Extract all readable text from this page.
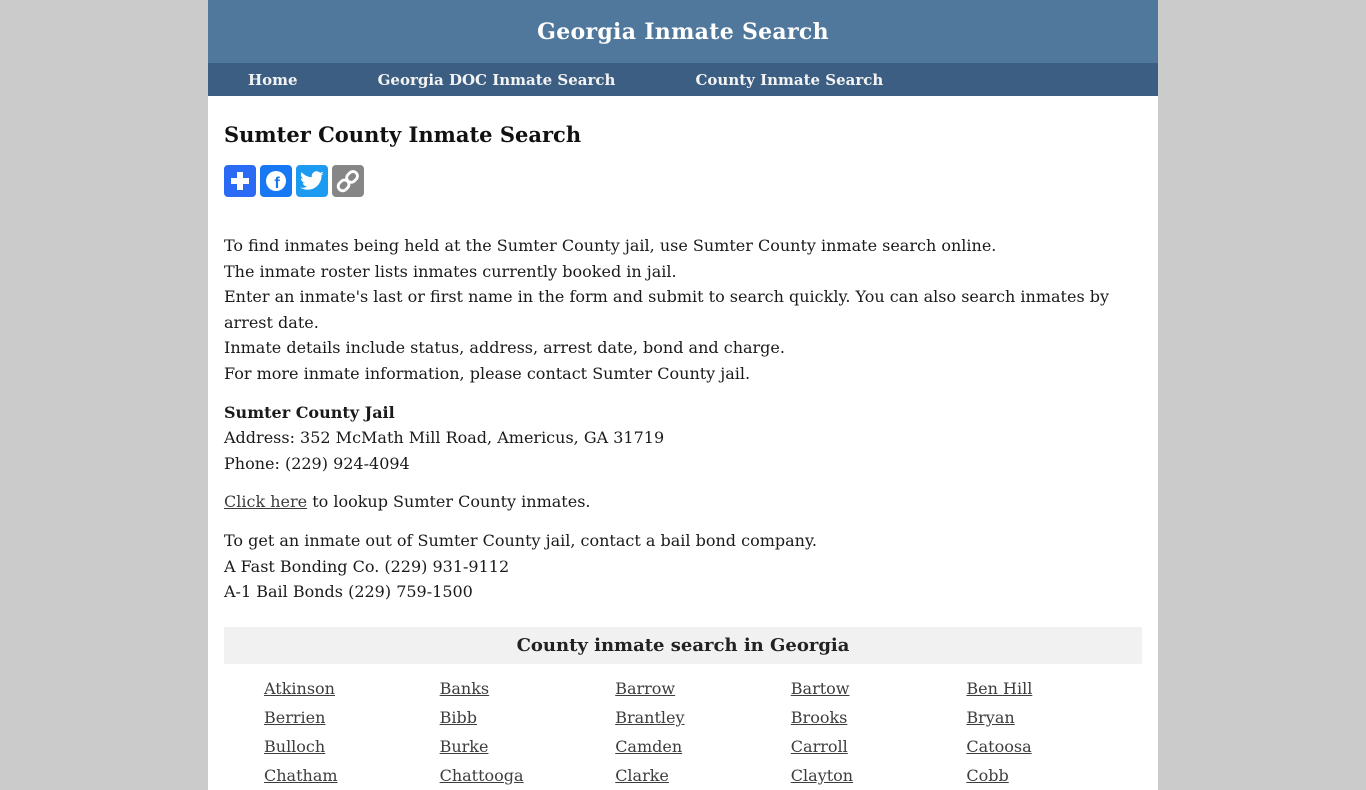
Georgia Inmate Search
Home	Georgia DOC Inmate Search	County Inmate Search
Sumter County Inmate Search
f

To find inmates being held at the Sumter County jail, use Sumter County inmate search online.
The inmate roster lists inmates currently booked in jail.
Enter an inmate's last or first name in the form and submit to search quickly. You can also search inmates by arrest date.
Inmate details include status, address, arrest date, bond and charge.
For more inmate information, please contact Sumter County jail.

Sumter County Jail
Address: 352 McMath Mill Road, Americus, GA 31719
Phone: (229) 924-4094

Click here to lookup Sumter County inmates.

To get an inmate out of Sumter County jail, contact a bail bond company.
A Fast Bonding Co. (229) 931-9112
A-1 Bail Bonds (229) 759-1500

County inmate search in Georgia
Atkinson	Banks	Barrow	Bartow	Ben Hill
Berrien	Bibb	Brantley	Brooks	Bryan
Bulloch	Burke	Camden	Carroll	Catoosa
Chatham	Chattooga	Clarke	Clayton	Cobb
